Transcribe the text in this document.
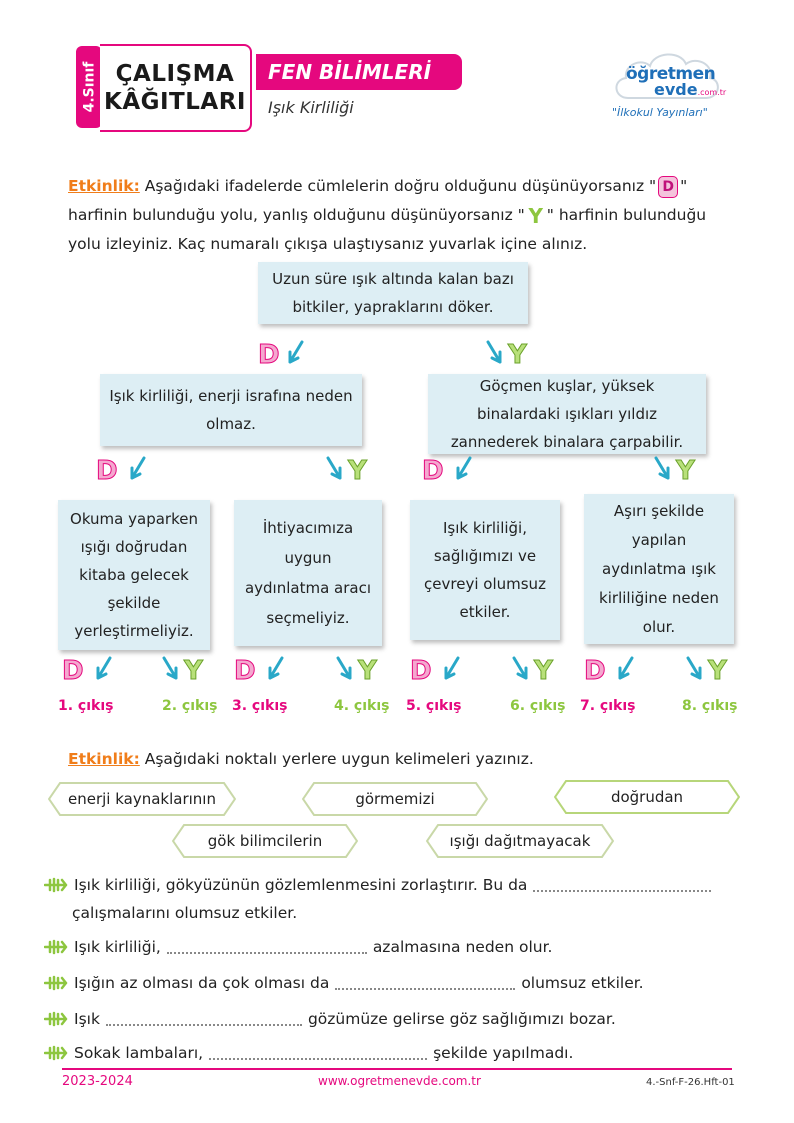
4.Sınıf ÇALIŞMA
KÂĞITLARI
FEN BİLİMLERİ
Işık Kirliliği
öğretmen
evde.com.tr
"İlkokul Yayınları"
Etkinlik: Aşağıdaki ifadelerde cümlelerin doğru olduğunu düşünüyorsanız " D " harfinin bulunduğu yolu, yanlış olduğunu düşünüyorsanız " Y " harfinin bulunduğu yolu izleyiniz. Kaç numaralı çıkışa ulaştıysanız yuvarlak içine alınız.
Uzun süre ışık altında kalan bazı bitkiler, yapraklarını döker.
D	Y
Işık kirliliği, enerji israfına neden olmaz.
Göçmen kuşlar, yüksek binalardaki ışıkları yıldız zannederek binalara çarpabilir.
D	Y D	Y
Okuma yaparken ışığı doğrudan kitaba gelecek şekilde yerleştirmeliyiz.
İhtiyacımıza uygun aydınlatma aracı seçmeliyiz.
Işık kirliliği, sağlığımızı ve çevreyi olumsuz etkiler.
Aşırı şekilde yapılan aydınlatma ışık kirliliğine neden olur.
D	Y D	Y D	Y D	Y
1. çıkış	2. çıkış 3. çıkış	4. çıkış 5. çıkış	6. çıkış 7. çıkış	8. çıkış
Etkinlik: Aşağıdaki noktalı yerlere uygun kelimeleri yazınız.
enerji kaynaklarının	görmemizi	doğrudan
gök bilimcilerin	ışığı dağıtmayacak
Işık kirliliği, gökyüzünün gözlemlenmesini zorlaştırır. Bu da
çalışmalarını olumsuz etkiler.
Işık kirliliği,	azalmasına neden olur.
Işığın az olması da çok olması da	olumsuz etkiler.
Işık	gözümüze gelirse göz sağlığımızı bozar.
Sokak lambaları,	şekilde yapılmadı.
2023-2024	www.ogretmenevde.com.tr	4.-Snf-F-26.Hft-01
